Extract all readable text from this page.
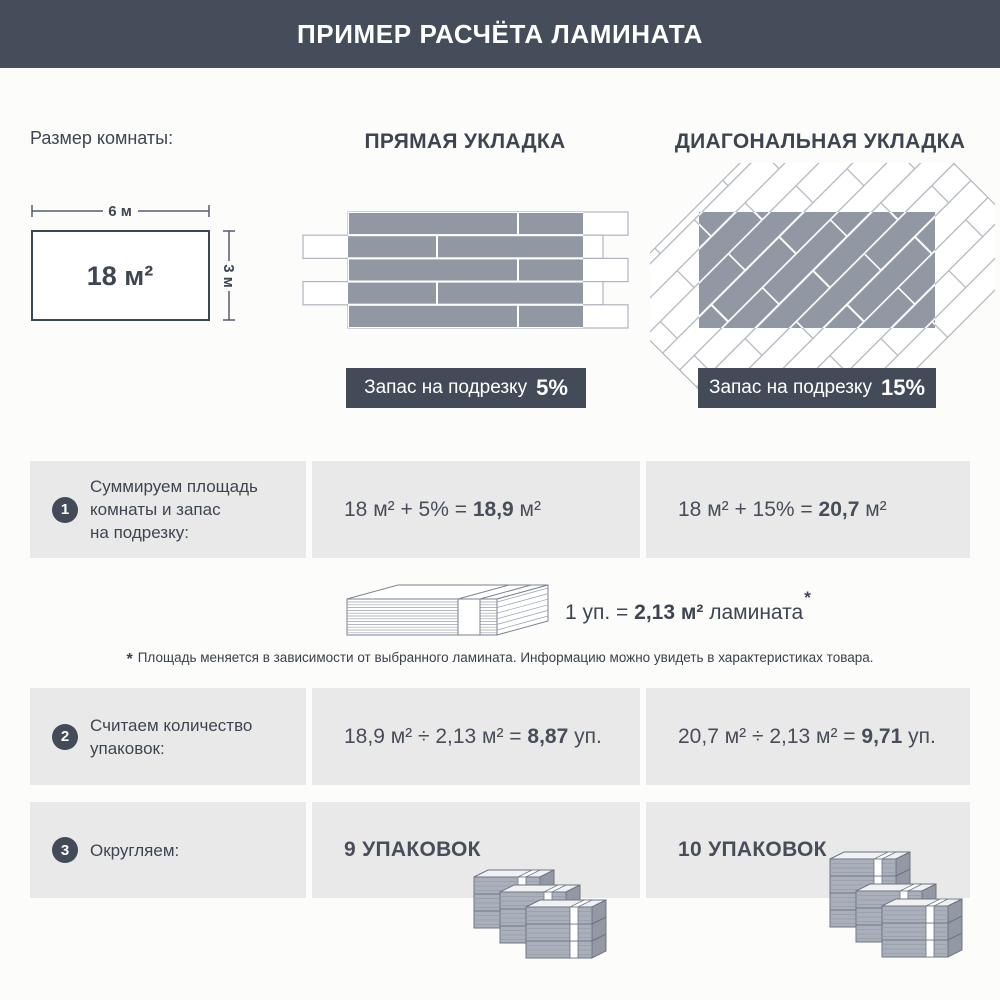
ПРИМЕР РАСЧЁТА ЛАМИНАТА
Размер комнаты:
6 м
18 м²	3 м
ПРЯМАЯ УКЛАДКА	ДИАГОНАЛЬНАЯ УКЛАДКА
Запас на подрезку 5%	Запас на подрезку 15%
1
Суммируем площадь
комнаты и запас
на подрезку:
18 м² + 5% = 18,9 м²	18 м² + 15% = 20,7 м²
1 уп. = 2,13 м² ламината*
* Площадь меняется в зависимости от выбранного ламината. Информацию можно увидеть в характеристиках товара.
2
Считаем количество
упаковок:
18,9 м² ÷ 2,13 м² = 8,87 уп.	20,7 м² ÷ 2,13 м² = 9,71 уп.
3	Округляем:	9 УПАКОВОК	10 УПАКОВОК
